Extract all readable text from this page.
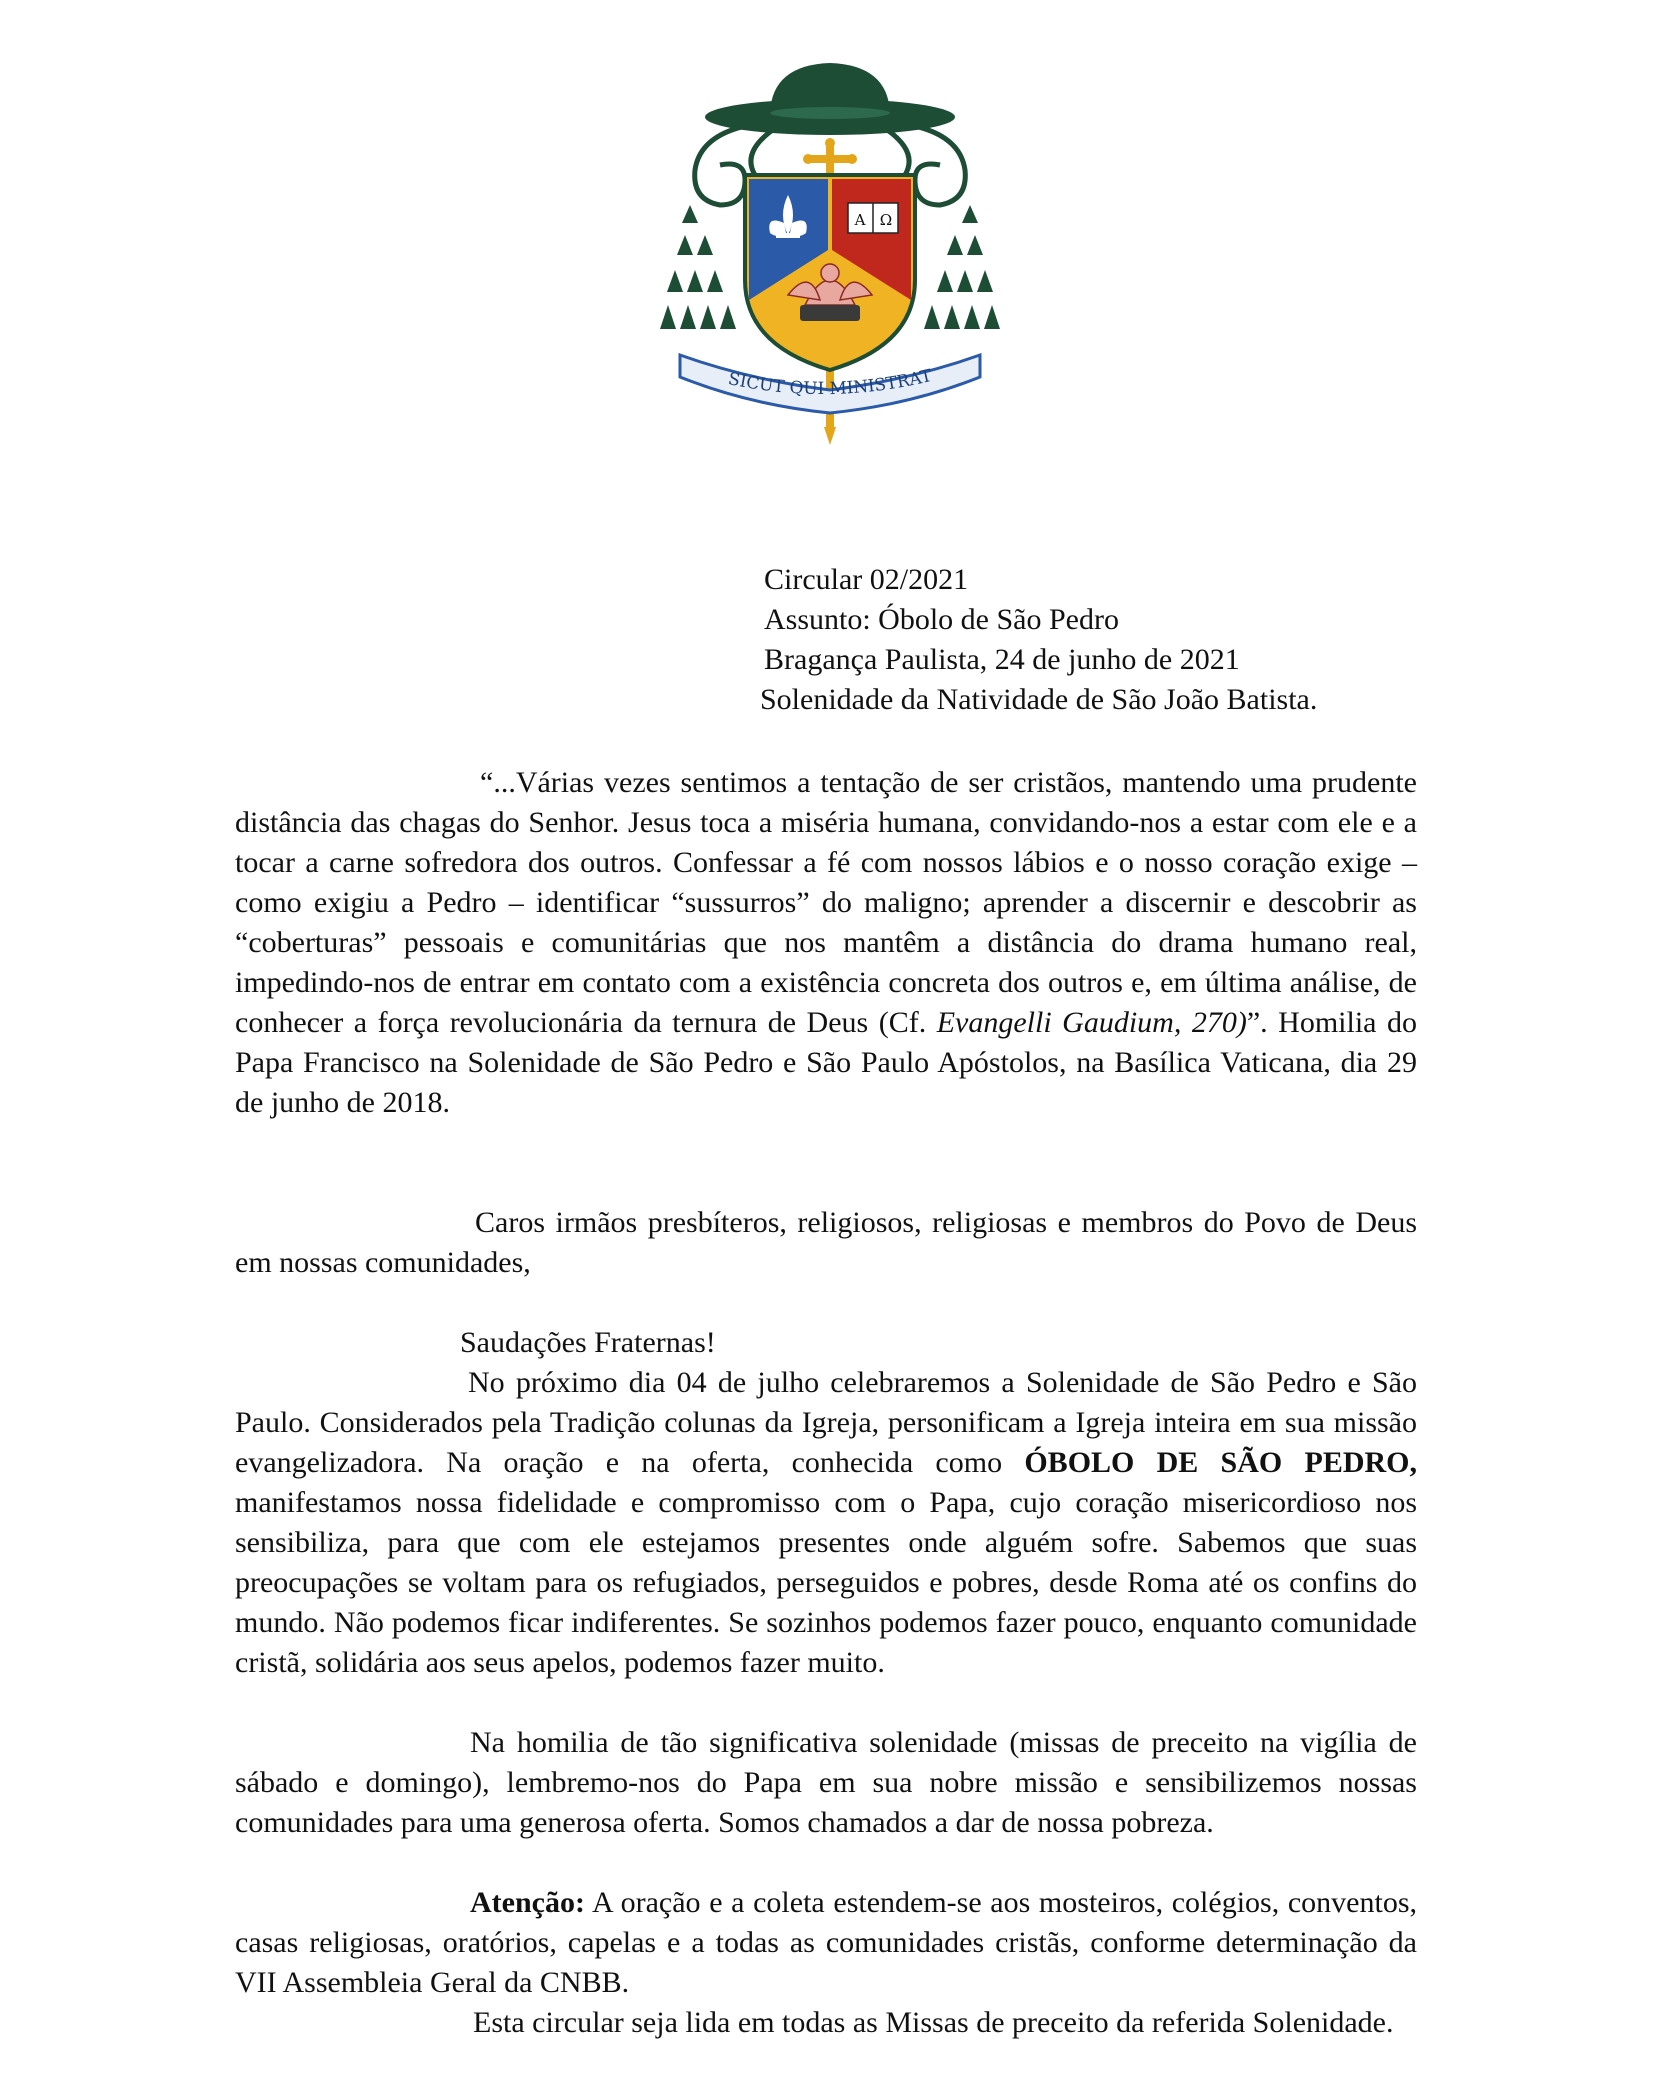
A Ω
SICUT QUI MINISTRAT
Circular 02/2021
Assunto: Óbolo de São Pedro
Bragança Paulista, 24 de junho de 2021
Solenidade da Natividade de São João Batista.

“...Várias vezes sentimos a tentação de ser cristãos, mantendo uma prudente distância das chagas do Senhor. Jesus toca a miséria humana, convidando-nos a estar com ele e a tocar a carne sofredora dos outros. Confessar a fé com nossos lábios e o nosso coração exige – como exigiu a Pedro – identificar “sussurros” do maligno; aprender a discernir e descobrir as “coberturas” pessoais e comunitárias que nos mantêm a distância do drama humano real, impedindo-nos de entrar em contato com a existência concreta dos outros e, em última análise, de conhecer a força revolucionária da ternura de Deus (Cf. Evangelli Gaudium, 270)”. Homilia do Papa Francisco na Solenidade de São Pedro e São Paulo Apóstolos, na Basílica Vaticana, dia 29 de junho de 2018.

Caros irmãos presbíteros, religiosos, religiosas e membros do Povo de Deus em nossas comunidades,

Saudações Fraternas!

No próximo dia 04 de julho celebraremos a Solenidade de São Pedro e São Paulo. Considerados pela Tradição colunas da Igreja, personificam a Igreja inteira em sua missão evangelizadora. Na oração e na oferta, conhecida como ÓBOLO DE SÃO PEDRO, manifestamos nossa fidelidade e compromisso com o Papa, cujo coração misericordioso nos sensibiliza, para que com ele estejamos presentes onde alguém sofre. Sabemos que suas preocupações se voltam para os refugiados, perseguidos e pobres, desde Roma até os confins do mundo. Não podemos ficar indiferentes. Se sozinhos podemos fazer pouco, enquanto comunidade cristã, solidária aos seus apelos, podemos fazer muito.

Na homilia de tão significativa solenidade (missas de preceito na vigília de sábado e domingo), lembremo-nos do Papa em sua nobre missão e sensibilizemos nossas comunidades para uma generosa oferta. Somos chamados a dar de nossa pobreza.

Atenção: A oração e a coleta estendem-se aos mosteiros, colégios, conventos, casas religiosas, oratórios, capelas e a todas as comunidades cristãs, conforme determinação da VII Assembleia Geral da CNBB.

Esta circular seja lida em todas as Missas de preceito da referida Solenidade.
